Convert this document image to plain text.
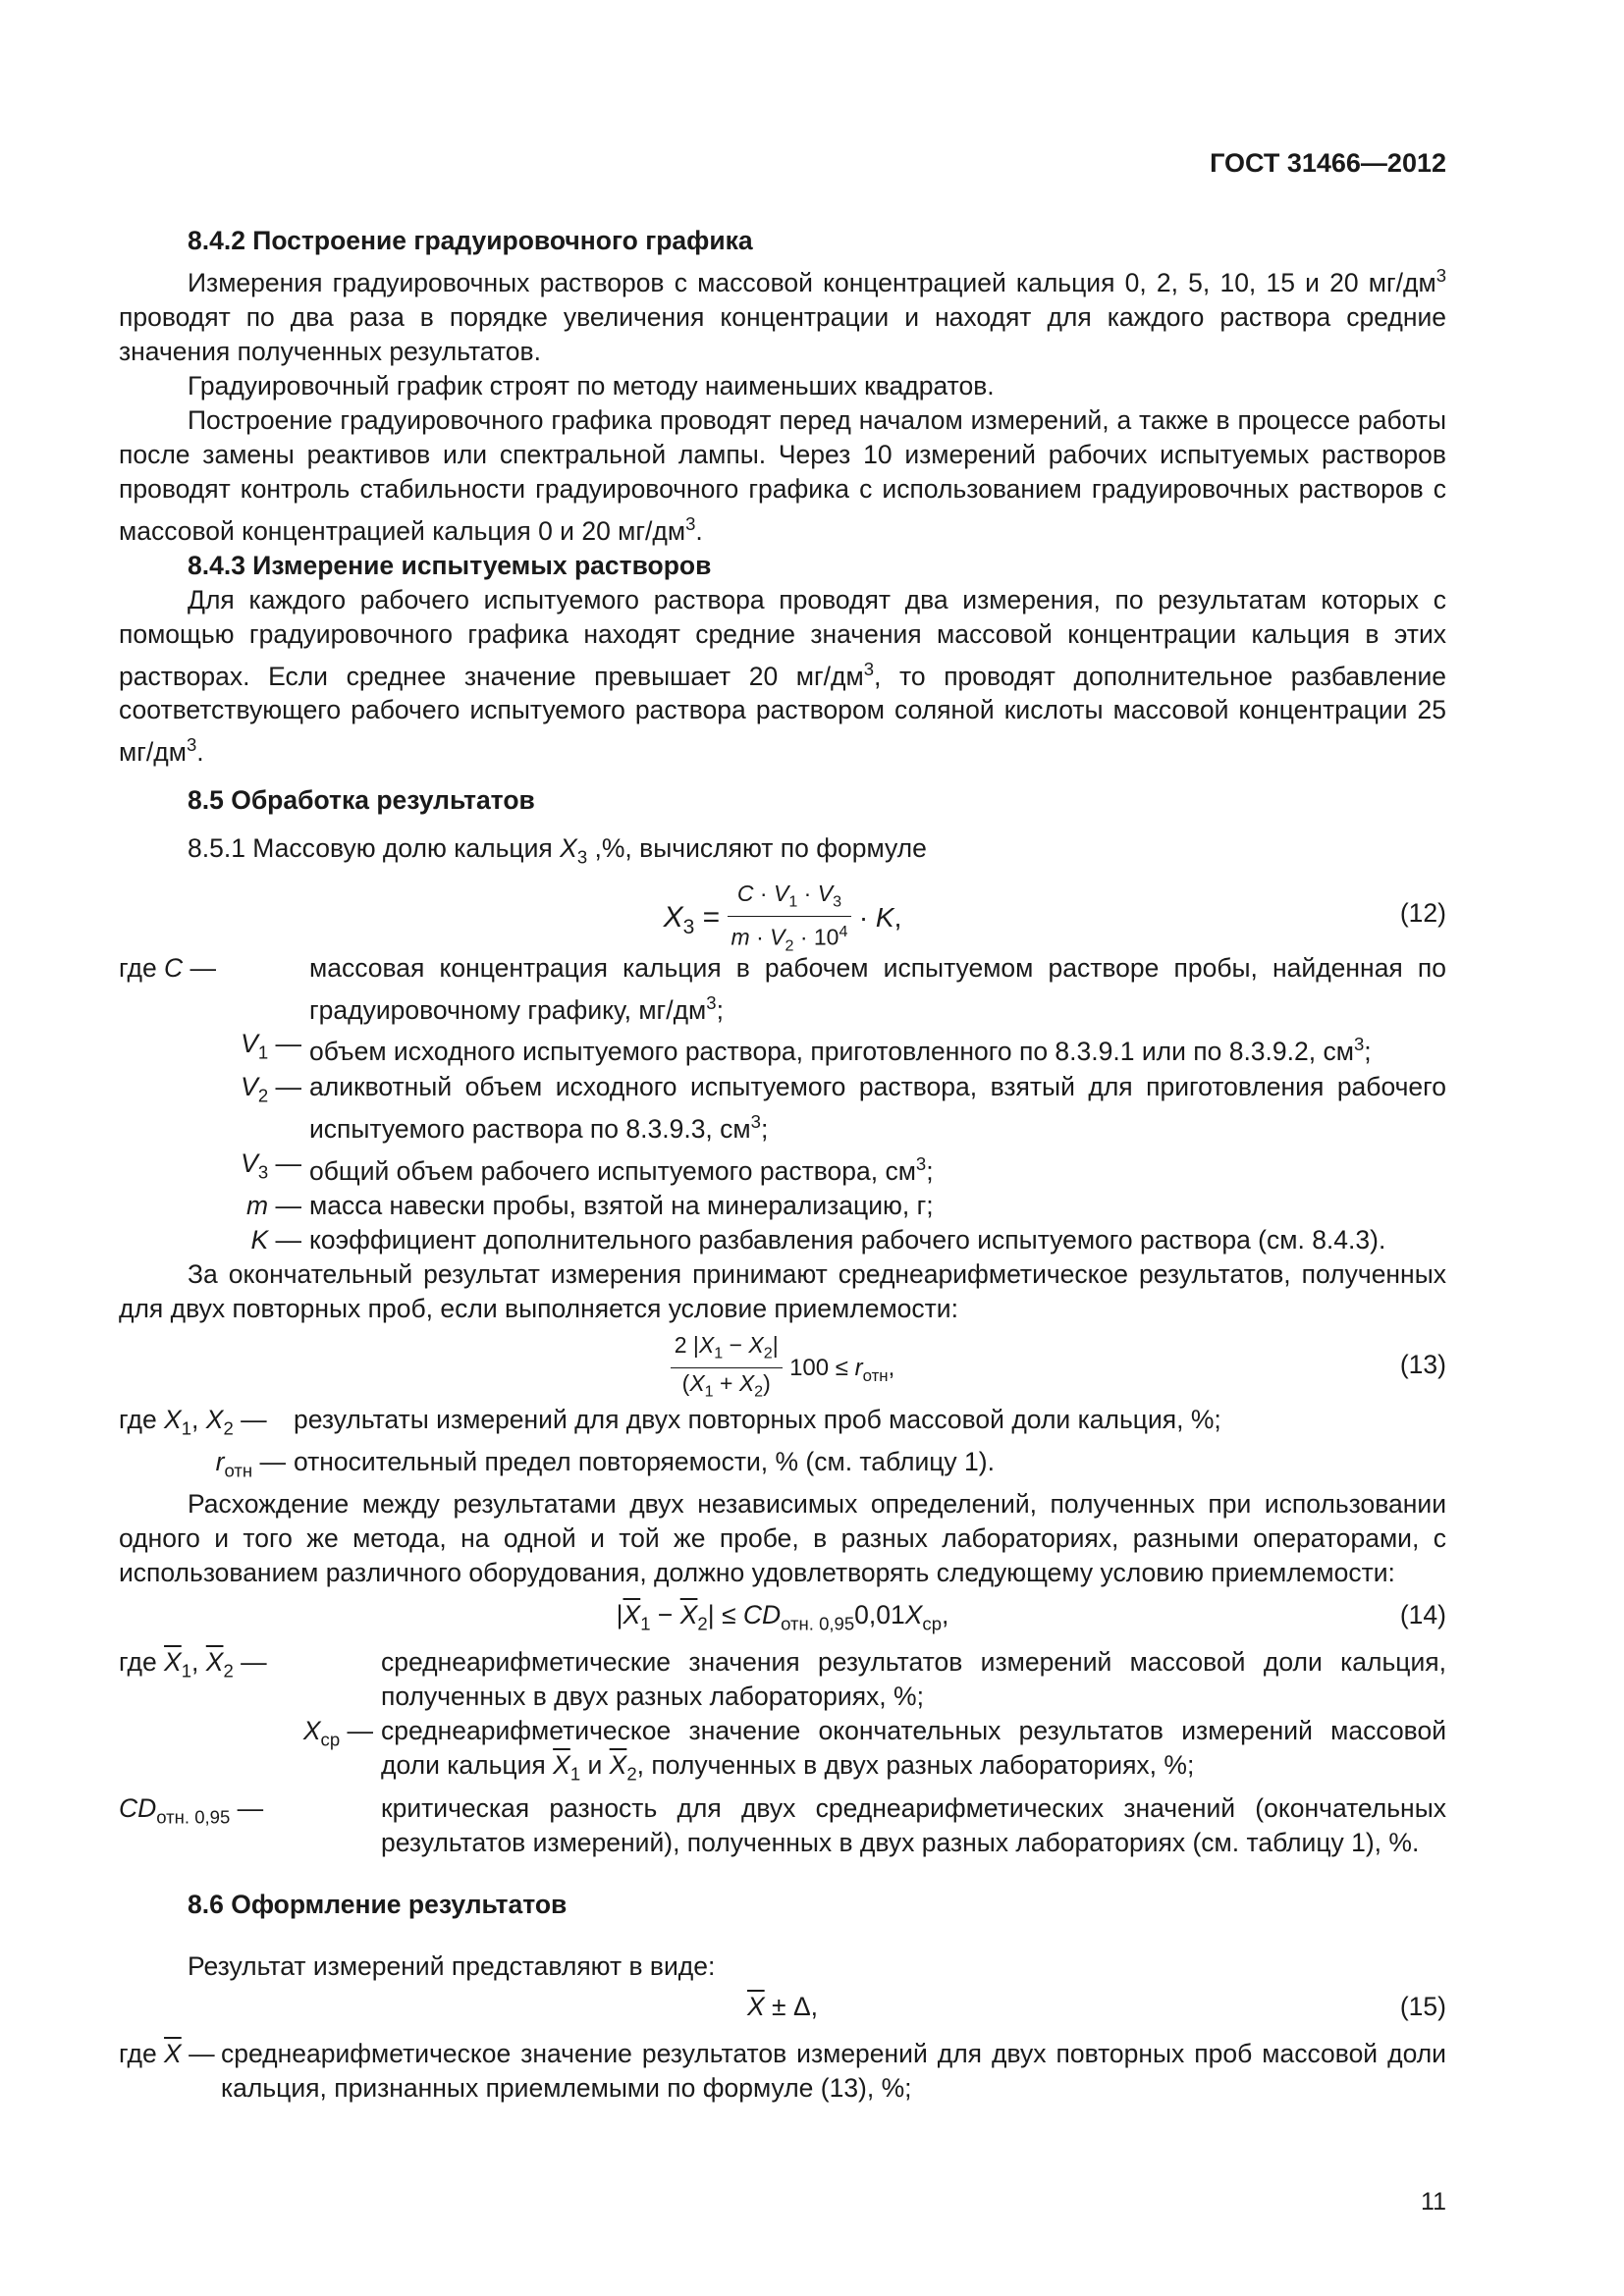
ГОСТ 31466—2012

8.4.2 Построение градуировочного графика

Измерения градуировочных растворов с массовой концентрацией кальция 0, 2, 5, 10, 15 и 20 $мг/дм^3$ проводят по два раза в порядке увеличения концентрации и находят для каждого раствора средние значения полученных результатов.

Градуировочный график строят по методу наименьших квадратов.

Построение градуировочного графика проводят перед началом измерений, а также в процессе работы после замены реактивов или спектральной лампы. Через 10 измерений рабочих испытуемых растворов проводят контроль стабильности градуировочного графика с использованием градуировочных растворов с массовой концентрацией кальция 0 и 20 $мг/дм^3$.

8.4.3 Измерение испытуемых растворов

Для каждого рабочего испытуемого раствора проводят два измерения, по результатам которых с помощью градуировочного графика находят средние значения массовой концентрации кальция в этих растворах. Если среднее значение превышает 20 $мг/дм^3$, то проводят дополнительное разбавление соответствующего рабочего испытуемого раствора раствором соляной кислоты массовой концентрации 25 $мг/дм^3$.

8.5 Обработка результатов

8.5.1 Массовую долю кальция $X_3$ ,%, вычисляют по формуле

$X_3 = \frac{C \cdot V_1 \cdot V_3}{m \cdot V_2 \cdot 10^4} \cdot K$,	(12)
где C —	массовая концентрация кальция в рабочем испытуемом растворе пробы, найденная по градуировочному графику, $мг/дм^3$;
$V_1$ — объем исходного испытуемого раствора, приготовленного по 8.3.9.1 или по 8.3.9.2, $см^3$;
$V_2$ — аликвотный объем исходного испытуемого раствора, взятый для приготовления рабочего испытуемого раствора по 8.3.9.3, $см^3$;
$V_3$ — общий объем рабочего испытуемого раствора, $см^3$;
m — масса навески пробы, взятой на минерализацию, г;
K — коэффициент дополнительного разбавления рабочего испытуемого раствора (см. 8.4.3).

За окончательный результат измерения принимают среднеарифметическое результатов, полученных для двух повторных проб, если выполняется условие приемлемости:

$\frac{2 |X_1 - X_2|}{(X_1 + X_2)} 100 \le r_{отн}$,	(13)
где $X_1$, $X_2$ —	результаты измерений для двух повторных проб массовой доли кальция, %;
$r_{отн}$ — относительный предел повторяемости, % (см. таблицу 1).

Расхождение между результатами двух независимых определений, полученных при использовании одного и того же метода, на одной и той же пробе, в разных лабораториях, разными операторами, с использованием различного оборудования, должно удовлетворять следующему условию приемлемости:

$|\overline{X}_1 - \overline{X}_2| \le CD_{отн. 0,95}0,01X_{ср}$,	(14)
где $\overline{X}_1$, $\overline{X}_2$ —	среднеарифметические значения результатов измерений массовой доли кальция, полученных в двух разных лабораториях, %;
$X_{ср}$ — среднеарифметическое значение окончательных результатов измерений массовой доли кальция $\overline{X}_1$ и $\overline{X}_2$, полученных в двух разных лабораториях, %;
$CD_{отн. 0,95}$ —	критическая разность для двух среднеарифметических значений (окончательных результатов измерений), полученных в двух разных лабораториях (см. таблицу 1), %.

8.6 Оформление результатов

Результат измерений представляют в виде:

$\overline{X} \pm \Delta$,	(15)
где $\overline{X}$ — среднеарифметическое значение результатов измерений для двух повторных проб массовой доли кальция, признанных приемлемыми по формуле (13), %;
11
